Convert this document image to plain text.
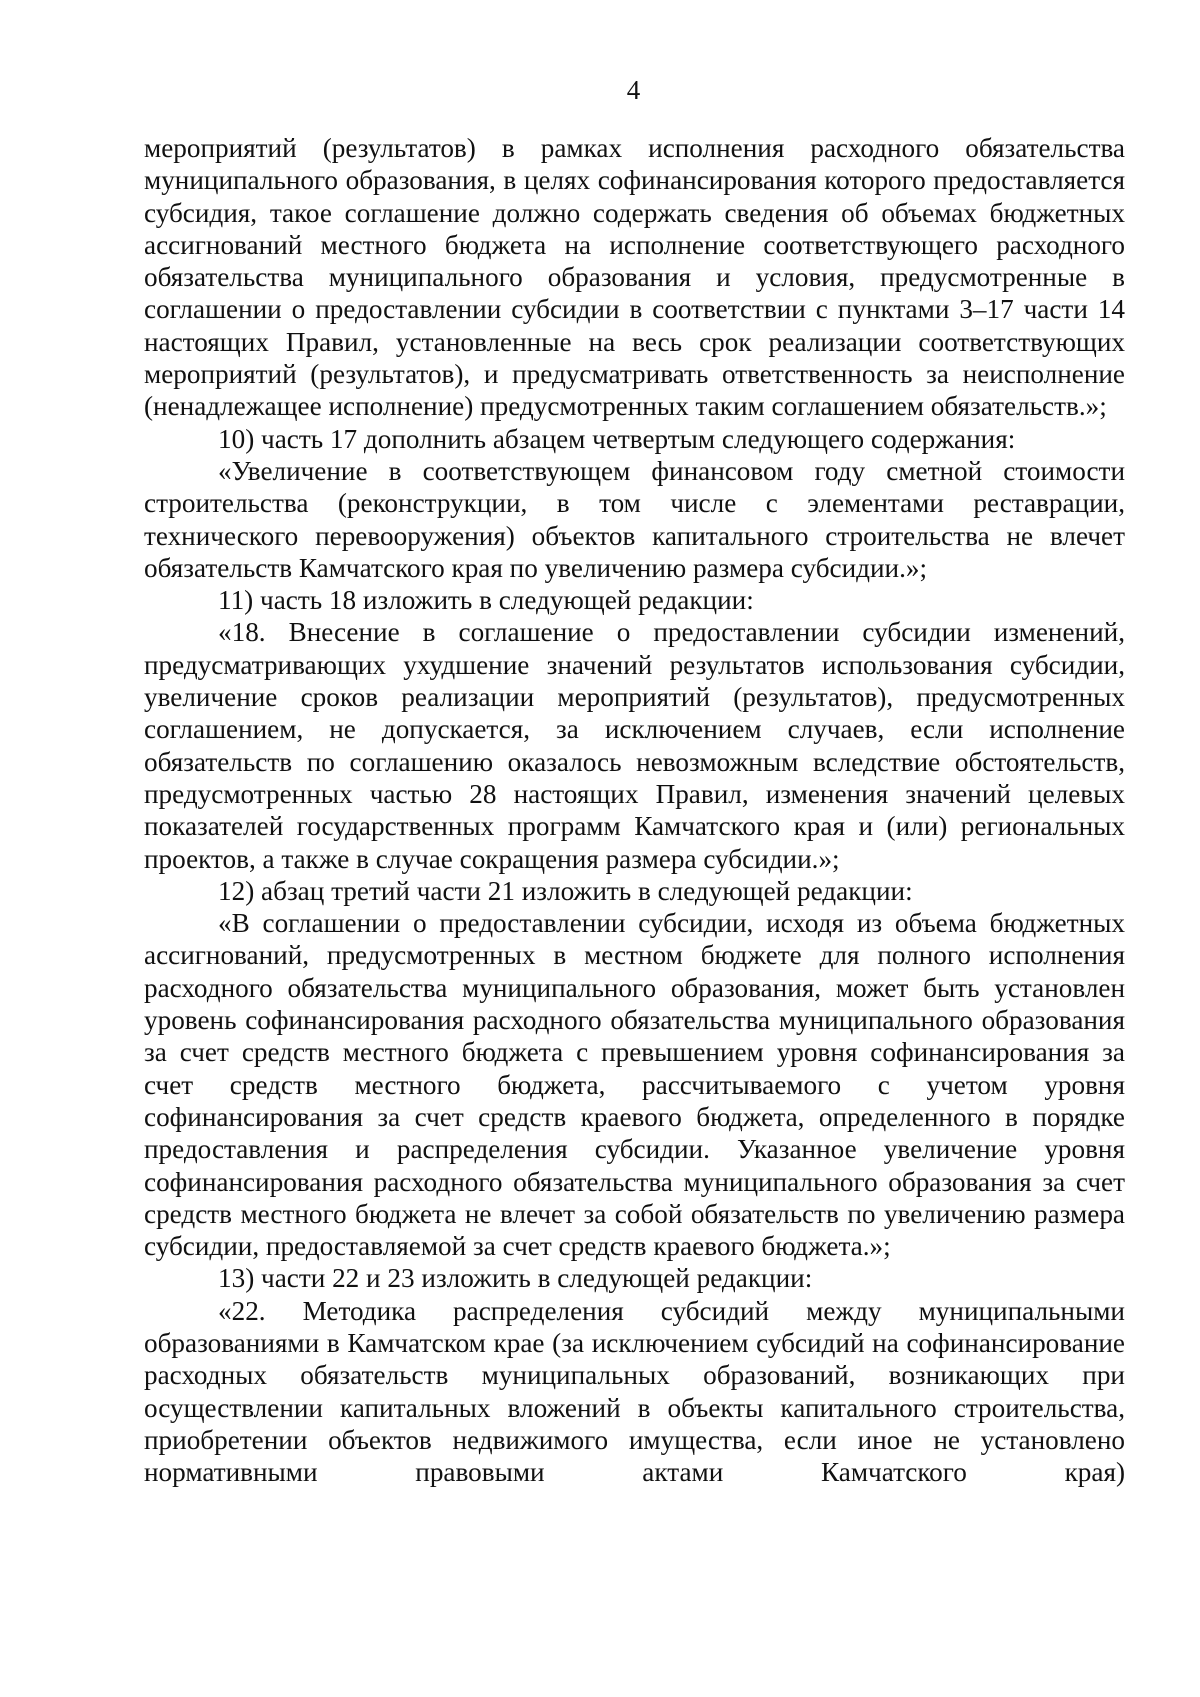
4

мероприятий (результатов) в рамках исполнения расходного обязательства муниципального образования, в целях софинансирования которого предоставляется субсидия, такое соглашение должно содержать сведения об объемах бюджетных ассигнований местного бюджета на исполнение соответствующего расходного обязательства муниципального образования и условия, предусмотренные в соглашении о предоставлении субсидии в соответствии с пунктами 3–17 части 14 настоящих Правил, установленные на весь срок реализации соответствующих мероприятий (результатов), и предусматривать ответственность за неисполнение (ненадлежащее исполнение) предусмотренных таким соглашением обязательств.»;

10) часть 17 дополнить абзацем четвертым следующего содержания:

«Увеличение в соответствующем финансовом году сметной стоимости строительства (реконструкции, в том числе с элементами реставрации, технического перевооружения) объектов капитального строительства не влечет обязательств Камчатского края по увеличению размера субсидии.»;

11) часть 18 изложить в следующей редакции:

«18. Внесение в соглашение о предоставлении субсидии изменений, предусматривающих ухудшение значений результатов использования субсидии, увеличение сроков реализации мероприятий (результатов), предусмотренных соглашением, не допускается, за исключением случаев, если исполнение обязательств по соглашению оказалось невозможным вследствие обстоятельств, предусмотренных частью 28 настоящих Правил, изменения значений целевых показателей государственных программ Камчатского края и (или) региональных проектов, а также в случае сокращения размера субсидии.»;

12) абзац третий части 21 изложить в следующей редакции:

«В соглашении о предоставлении субсидии, исходя из объема бюджетных ассигнований, предусмотренных в местном бюджете для полного исполнения расходного обязательства муниципального образования, может быть установлен уровень софинансирования расходного обязательства муниципального образования за счет средств местного бюджета с превышением уровня софинансирования за счет средств местного бюджета, рассчитываемого с учетом уровня софинансирования за счет средств краевого бюджета, определенного в порядке предоставления и распределения субсидии. Указанное увеличение уровня софинансирования расходного обязательства муниципального образования за счет средств местного бюджета не влечет за собой обязательств по увеличению размера субсидии, предоставляемой за счет средств краевого бюджета.»;

13) части 22 и 23 изложить в следующей редакции:

«22. Методика распределения субсидий между муниципальными образованиями в Камчатском крае (за исключением субсидий на софинансирование расходных обязательств муниципальных образований, возникающих при осуществлении капитальных вложений в объекты капитального строительства, приобретении объектов недвижимого имущества, если иное не установлено нормативными правовыми актами Камчатского края)
